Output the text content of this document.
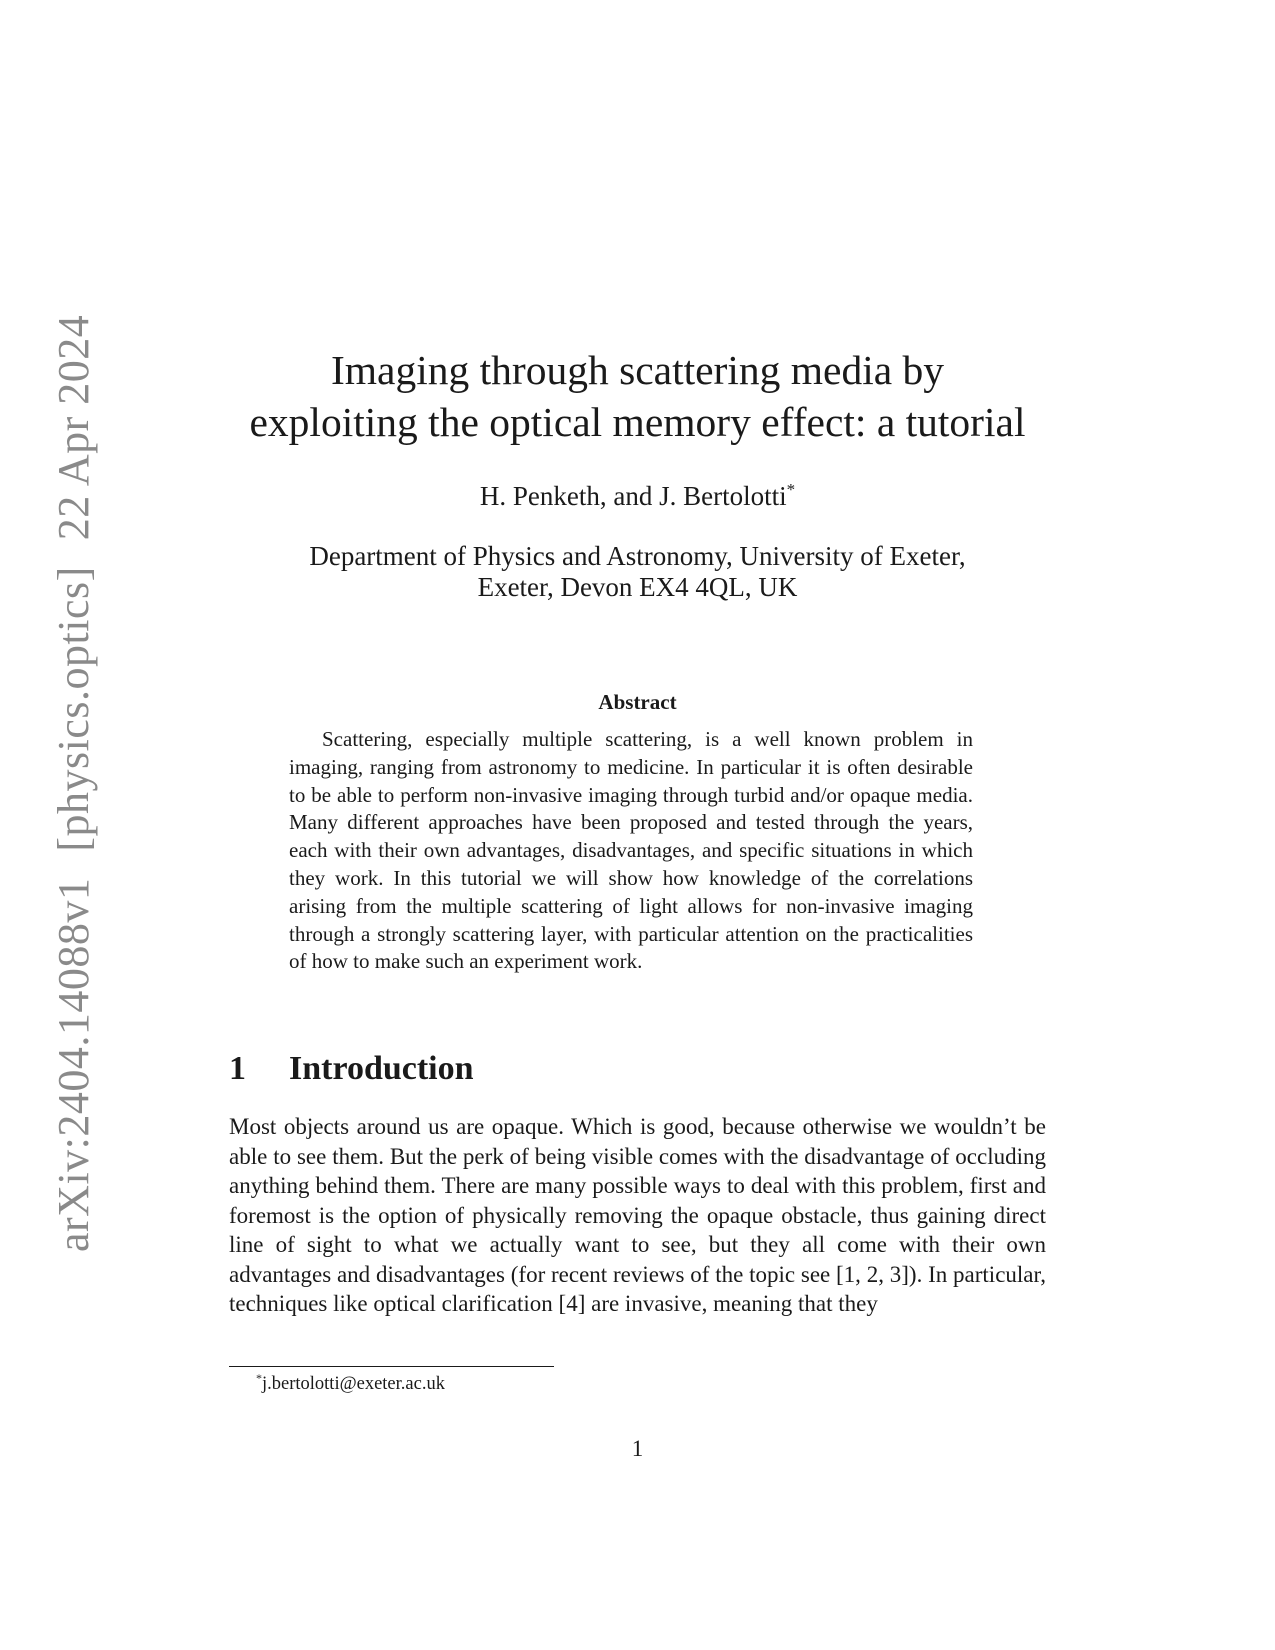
arXiv:2404.14088v1[physics.optics]22 Apr 2024	Imaging through scattering media by
exploiting the optical memory effect: a tutorial
H. Penketh, and J. Bertolotti*
Department of Physics and Astronomy, University of Exeter,
Exeter, Devon EX4 4QL, UK
Abstract

Scattering, especially multiple scattering, is a well known problem in imaging, ranging from astronomy to medicine. In particular it is often desirable to be able to perform non-invasive imaging through turbid and/or opaque media. Many different approaches have been proposed and tested through the years, each with their own advantages, disadvantages, and specific situations in which they work. In this tutorial we will show how knowledge of the correlations arising from the multiple scattering of light allows for non-invasive imaging through a strongly scattering layer, with particular attention on the practicalities of how to make such an experiment work.

1 Introduction

Most objects around us are opaque. Which is good, because otherwise we wouldn’t be able to see them. But the perk of being visible comes with the disadvantage of occluding anything behind them. There are many possible ways to deal with this problem, first and foremost is the option of physically removing the opaque obstacle, thus gaining direct line of sight to what we actually want to see, but they all come with their own advantages and disadvantages (for recent reviews of the topic see [1, 2, 3]). In particular, techniques like optical clarification [4] are invasive, meaning that they

*j.bertolotti@exeter.ac.uk
1
